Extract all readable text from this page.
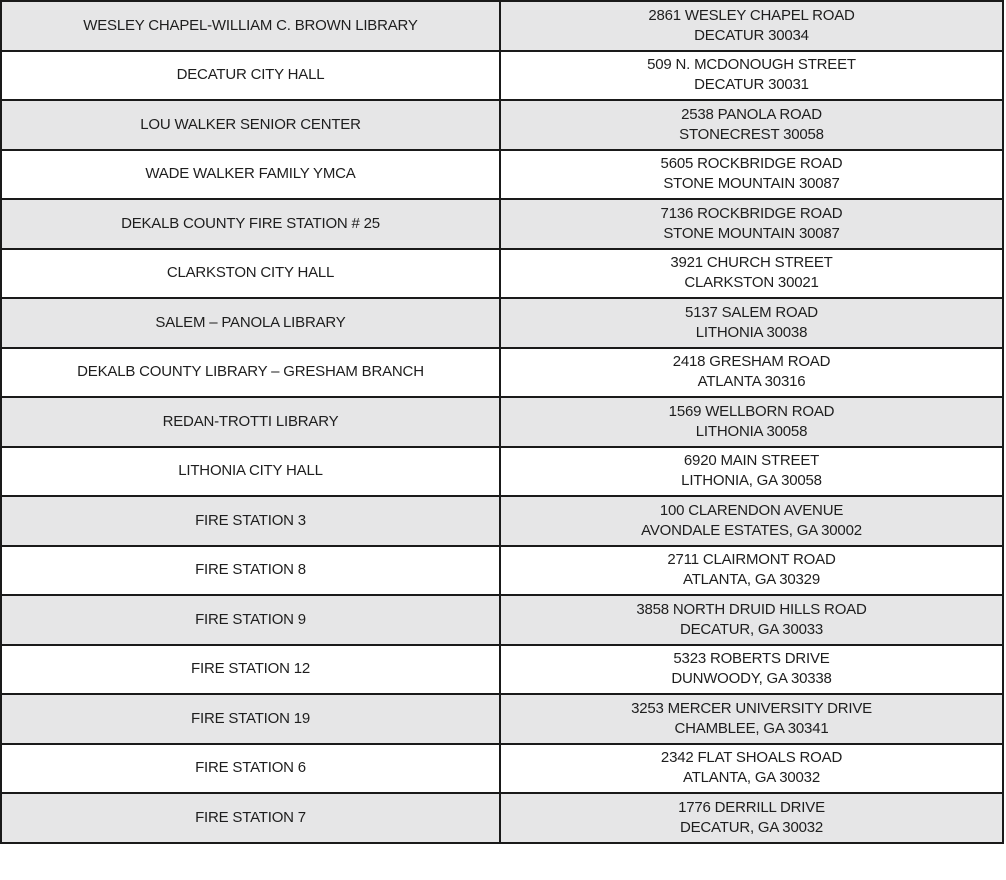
WESLEY CHAPEL-WILLIAM C. BROWN LIBRARY	2861 WESLEY CHAPEL ROAD
DECATUR 30034

DECATUR CITY HALL	509 N. MCDONOUGH STREET
DECATUR 30031

LOU WALKER SENIOR CENTER	2538 PANOLA ROAD
STONECREST 30058

WADE WALKER FAMILY YMCA	5605 ROCKBRIDGE ROAD
STONE MOUNTAIN 30087

DEKALB COUNTY FIRE STATION # 25	7136 ROCKBRIDGE ROAD
STONE MOUNTAIN 30087

CLARKSTON CITY HALL	3921 CHURCH STREET
CLARKSTON 30021

SALEM – PANOLA LIBRARY	5137 SALEM ROAD
LITHONIA 30038

DEKALB COUNTY LIBRARY – GRESHAM BRANCH	2418 GRESHAM ROAD
ATLANTA 30316

REDAN-TROTTI LIBRARY	1569 WELLBORN ROAD
LITHONIA 30058

LITHONIA CITY HALL	6920 MAIN STREET
LITHONIA, GA 30058

FIRE STATION 3	100 CLARENDON AVENUE
AVONDALE ESTATES, GA 30002

FIRE STATION 8	2711 CLAIRMONT ROAD
ATLANTA, GA 30329

FIRE STATION 9	3858 NORTH DRUID HILLS ROAD
DECATUR, GA 30033

FIRE STATION 12	5323 ROBERTS DRIVE
DUNWOODY, GA 30338

FIRE STATION 19	3253 MERCER UNIVERSITY DRIVE
CHAMBLEE, GA 30341

FIRE STATION 6	2342 FLAT SHOALS ROAD
ATLANTA, GA 30032

FIRE STATION 7	1776 DERRILL DRIVE
DECATUR, GA 30032
